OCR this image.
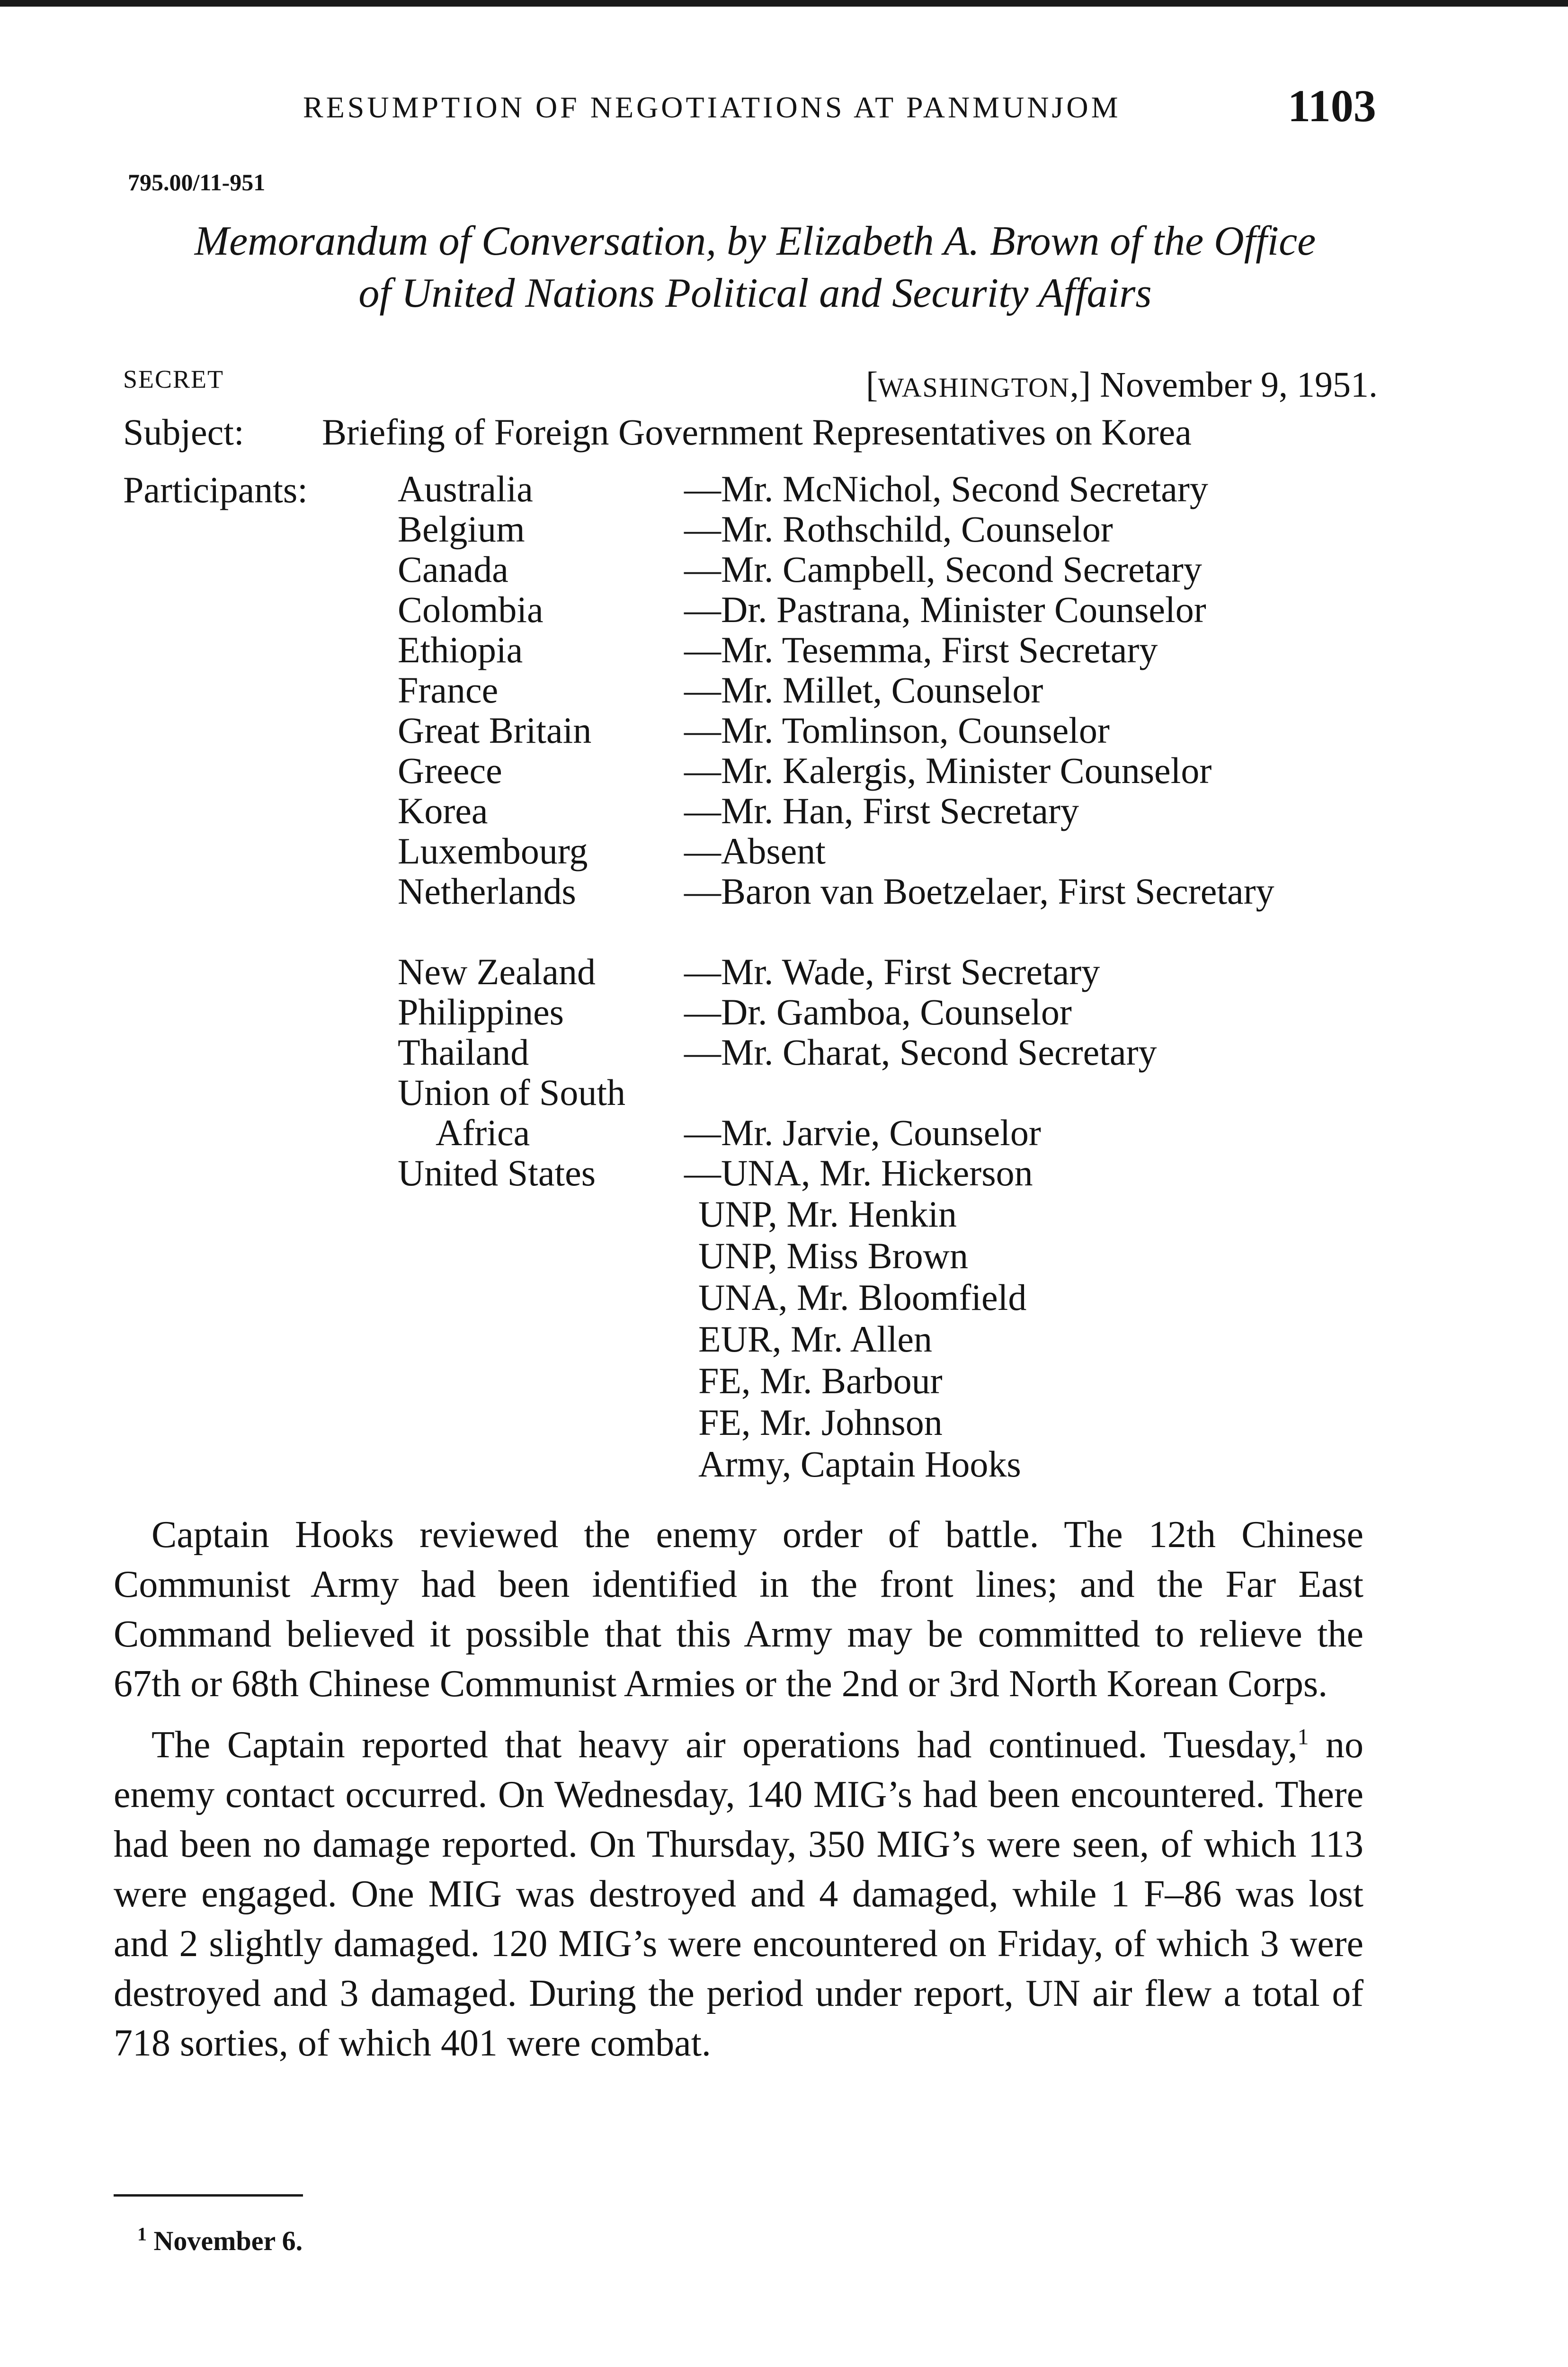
RESUMPTION OF NEGOTIATIONS AT PANMUNJOM	1103
795.00/11-951
Memorandum of Conversation, by Elizabeth A. Brown of the Office
of United Nations Political and Security Affairs
SECRET	[WASHINGTON,] November 9, 1951.
Subject: Briefing of Foreign Government Representatives on Korea
Participants: Australia	—Mr. McNichol, Second Secretary
Belgium	—Mr. Rothschild, Counselor
Canada	—Mr. Campbell, Second Secretary
Colombia	—Dr. Pastrana, Minister Counselor
Ethiopia	—Mr. Tesemma, First Secretary
France	—Mr. Millet, Counselor
Great Britain	—Mr. Tomlinson, Counselor
Greece	—Mr. Kalergis, Minister Counselor
Korea	—Mr. Han, First Secretary
Luxembourg	—Absent
Netherlands	—Baron van Boetzelaer, First Secretary
New Zealand —Mr. Wade, First Secretary
Philippines	—Dr. Gamboa, Counselor
Thailand	—Mr. Charat, Second Secretary
Union of South
Africa	—Mr. Jarvie, Counselor
United States —UNA, Mr. Hickerson
UNP, Mr. Henkin
UNP, Miss Brown
UNA, Mr. Bloomfield
EUR, Mr. Allen
FE, Mr. Barbour
FE, Mr. Johnson
Army, Captain Hooks

Captain Hooks reviewed the enemy order of battle. The 12th Chinese Communist Army had been identified in the front lines; and the Far East Command believed it possible that this Army may be committed to relieve the 67th or 68th Chinese Communist Armies or the 2nd or 3rd North Korean Corps.

The Captain reported that heavy air operations had continued. Tuesday,$^1$ no enemy contact occurred. On Wednesday, 140 MIG’s had been encountered. There had been no damage reported. On Thursday, 350 MIG’s were seen, of which 113 were engaged. One MIG was destroyed and 4 damaged, while 1 F–86 was lost and 2 slightly damaged. 120 MIG’s were encountered on Friday, of which 3 were destroyed and 3 damaged. During the period under report, UN air flew a total of 718 sorties, of which 401 were combat.

$^1$ November 6.
